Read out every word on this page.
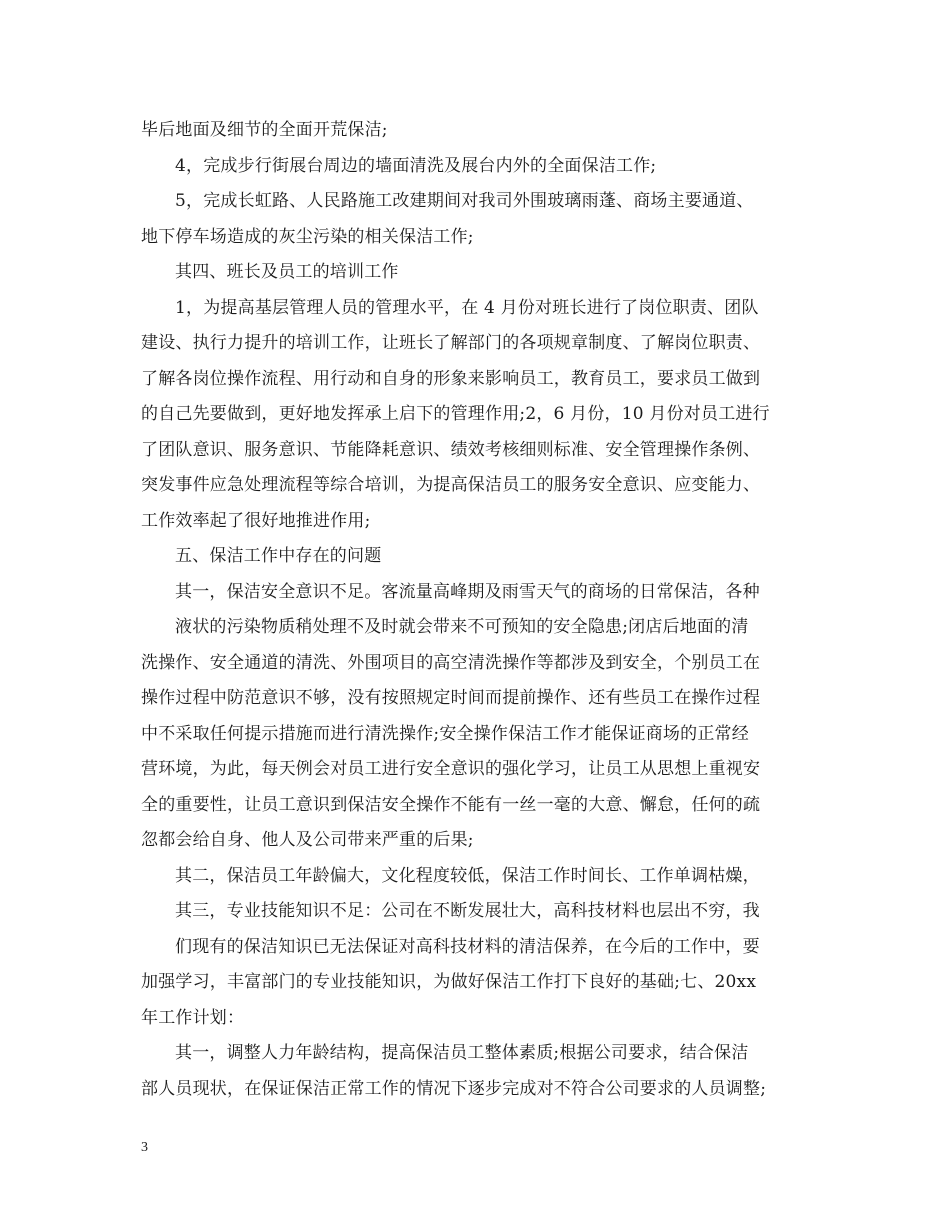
毕后地面及细节的全面开荒保洁;
4，完成步行街展台周边的墙面清洗及展台内外的全面保洁工作;
5，完成长虹路、人民路施工改建期间对我司外围玻璃雨蓬、商场主要通道、
地下停车场造成的灰尘污染的相关保洁工作;
其四、班长及员工的培训工作
1，为提高基层管理人员的管理水平，在 4 月份对班长进行了岗位职责、团队
建设、执行力提升的培训工作，让班长了解部门的各项规章制度、了解岗位职责、
了解各岗位操作流程、用行动和自身的形象来影响员工，教育员工，要求员工做到
的自己先要做到，更好地发挥承上启下的管理作用;2，6 月份，10 月份对员工进行
了团队意识、服务意识、节能降耗意识、绩效考核细则标准、安全管理操作条例、
突发事件应急处理流程等综合培训，为提高保洁员工的服务安全意识、应变能力、
工作效率起了很好地推进作用;
五、保洁工作中存在的问题
其一，保洁安全意识不足。客流量高峰期及雨雪天气的商场的日常保洁，各种
液状的污染物质稍处理不及时就会带来不可预知的安全隐患;闭店后地面的清
洗操作、安全通道的清洗、外围项目的高空清洗操作等都涉及到安全，个别员工在
操作过程中防范意识不够，没有按照规定时间而提前操作、还有些员工在操作过程
中不采取任何提示措施而进行清洗操作;安全操作保洁工作才能保证商场的正常经
营环境，为此，每天例会对员工进行安全意识的强化学习，让员工从思想上重视安
全的重要性，让员工意识到保洁安全操作不能有一丝一毫的大意、懈怠，任何的疏
忽都会给自身、他人及公司带来严重的后果;
其二，保洁员工年龄偏大，文化程度较低，保洁工作时间长、工作单调枯燥，
其三，专业技能知识不足：公司在不断发展壮大，高科技材料也层出不穷，我
们现有的保洁知识已无法保证对高科技材料的清洁保养，在今后的工作中，要
加强学习，丰富部门的专业技能知识，为做好保洁工作打下良好的基础;七、20xx
年工作计划：
其一，调整人力年龄结构，提高保洁员工整体素质;根据公司要求，结合保洁
部人员现状，在保证保洁正常工作的情况下逐步完成对不符合公司要求的人员调整;
3
